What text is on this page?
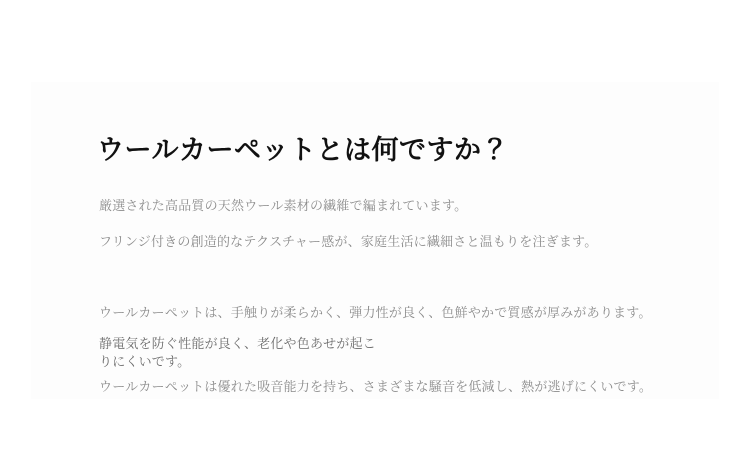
ウールカーペットとは何ですか？

厳選された高品質の天然ウール素材の繊維で編まれています。

フリンジ付きの創造的なテクスチャー感が、家庭生活に繊細さと温もりを注ぎます。

ウールカーペットは、手触りが柔らかく、弾力性が良く、色鮮やかで質感が厚みがあります。

静電気を防ぐ性能が良く、老化や色あせが起こりにくいです。

ウールカーペットは優れた吸音能力を持ち、さまざまな騒音を低減し、熱が逃げにくいです。
